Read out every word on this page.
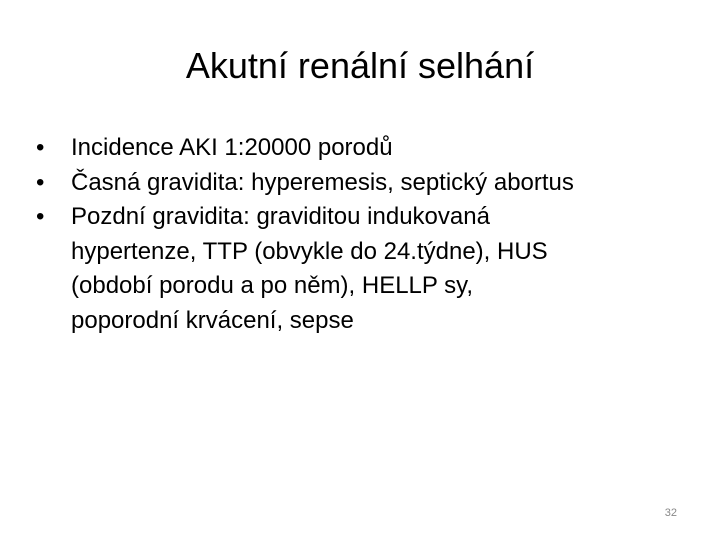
Akutní renální selhání
•	Incidence AKI 1:20000 porodů
•	Časná gravidita: hyperemesis, septický abortus
•	Pozdní gravidita: graviditou indukovaná
hypertenze, TTP (obvykle do 24.týdne), HUS
(období porodu a po něm), HELLP sy,
poporodní krvácení, sepse
32
